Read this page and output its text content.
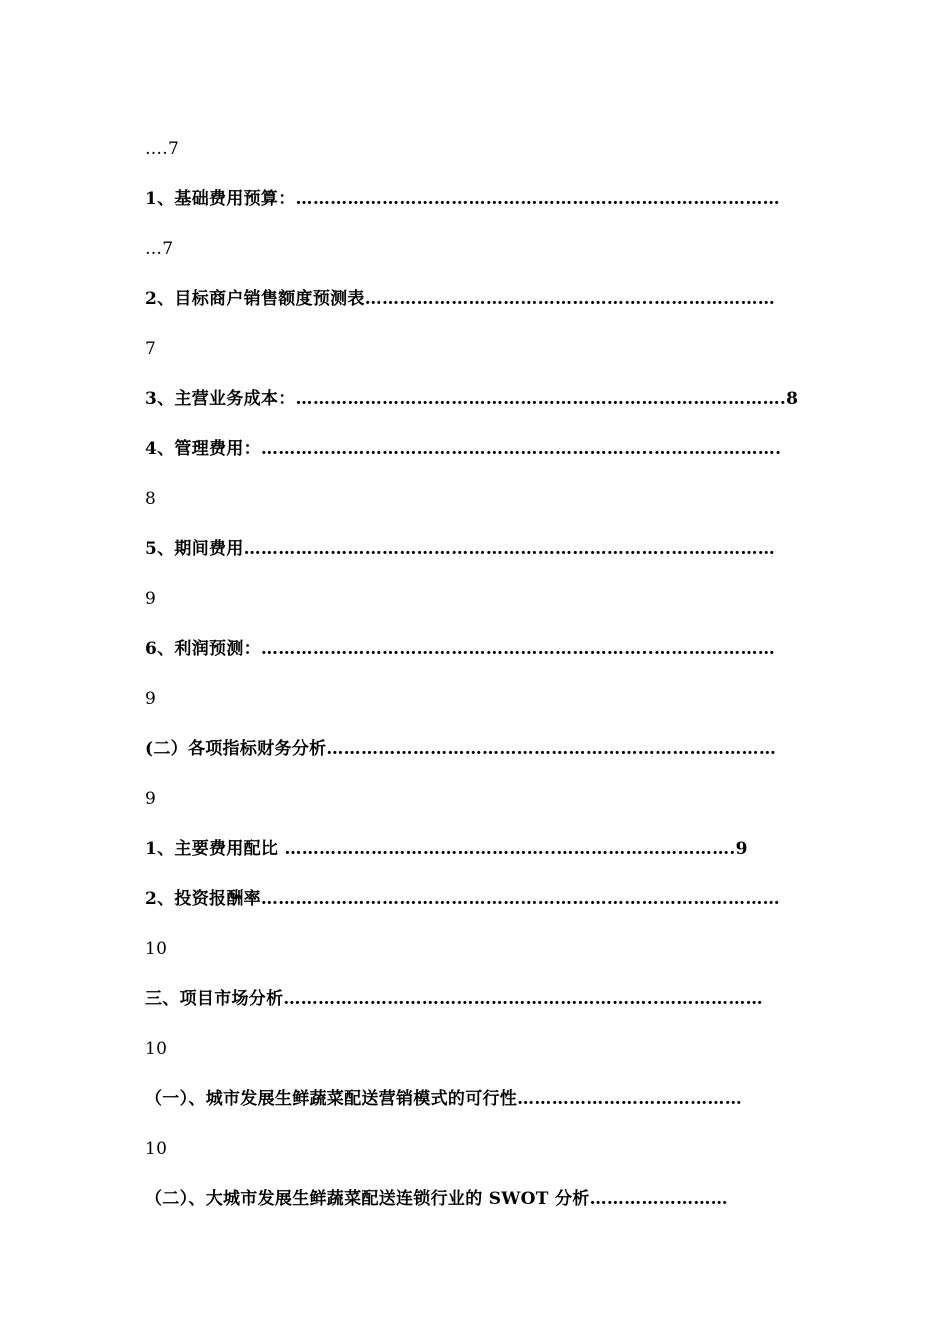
….7
1、基础费用预算：…………………………………………………………………………
…7
2、目标商户销售额度预测表…………………………………………..…………………
7
3、主营业务成本：………………………………………………………………………….8
4、管理费用：…………………………………………………………..………………….
8
5、期间费用………………………………………………………………..………………
9
6、利润预测：…………………………………………………………..…………………
9
(二）各项指标财务分析……………………………………………………………………
9
1、主要费用配比 ………………………………………..………………………….9
2、投资报酬率………………………………………………………………………………
10
三、项目市场分析………………………………………………………..………………
10
（一）、城市发展生鲜蔬菜配送营销模式的可行性…………………………………
10
（二）、大城市发展生鲜蔬菜配送连锁行业的 SWOT 分析……………………
